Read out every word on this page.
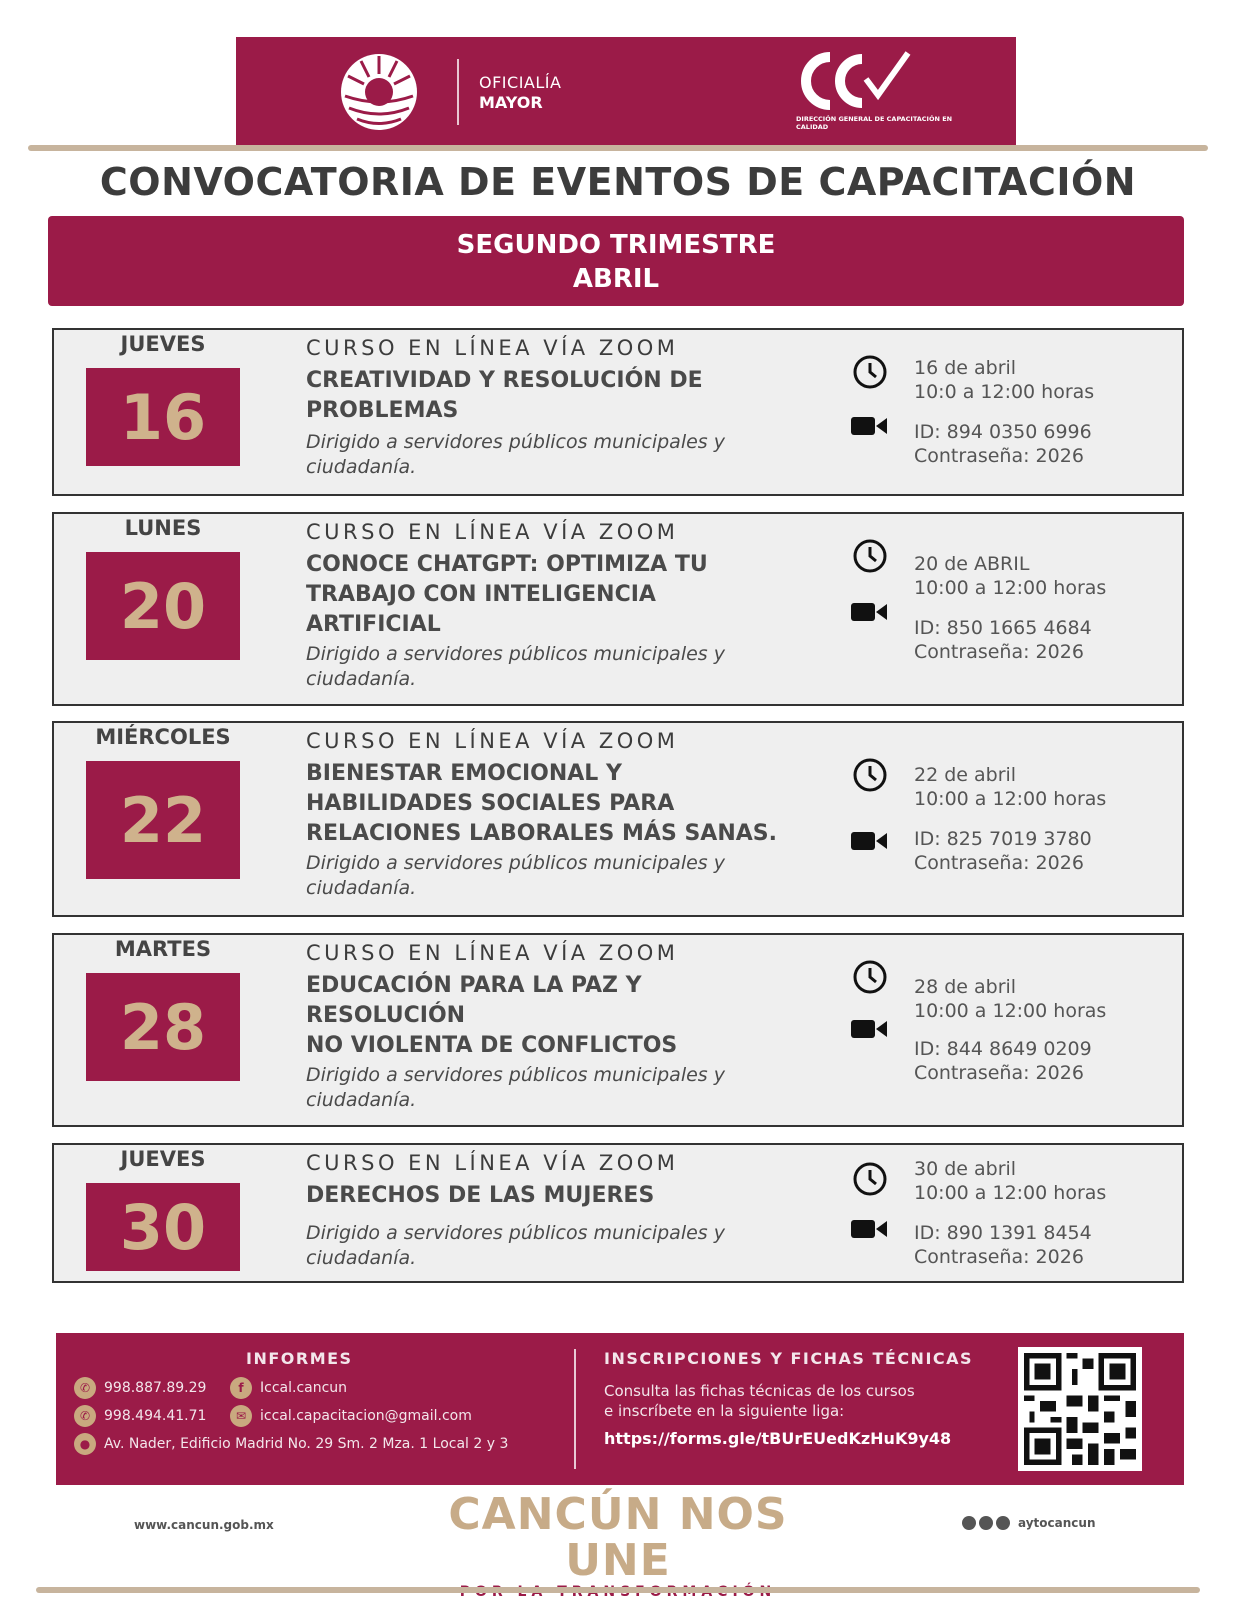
OFICIALÍA
MAYOR
DIRECCIÓN GENERAL DE CAPACITACIÓN EN CALIDAD
CONVOCATORIA DE EVENTOS DE CAPACITACIÓN
SEGUNDO TRIMESTRE
ABRIL
JUEVES
16
CURSO EN LÍNEA VÍA ZOOM
CREATIVIDAD Y RESOLUCIÓN DE
PROBLEMAS
Dirigido a servidores públicos municipales y ciudadanía.
16 de abril
10:0 a 12:00 horas
ID: 894 0350 6996
Contraseña: 2026
LUNES
20
CURSO EN LÍNEA VÍA ZOOM
CONOCE CHATGPT: OPTIMIZA TU
TRABAJO CON INTELIGENCIA
ARTIFICIAL
Dirigido a servidores públicos municipales y ciudadanía.
20 de ABRIL
10:00 a 12:00 horas
ID: 850 1665 4684
Contraseña: 2026
MIÉRCOLES
22
CURSO EN LÍNEA VÍA ZOOM
BIENESTAR EMOCIONAL Y
HABILIDADES SOCIALES PARA
RELACIONES LABORALES MÁS SANAS.
Dirigido a servidores públicos municipales y ciudadanía.
22 de abril
10:00 a 12:00 horas
ID: 825 7019 3780
Contraseña: 2026
MARTES
28
CURSO EN LÍNEA VÍA ZOOM
EDUCACIÓN PARA LA PAZ Y
RESOLUCIÓN
NO VIOLENTA DE CONFLICTOS
Dirigido a servidores públicos municipales y ciudadanía.
28 de abril
10:00 a 12:00 horas
ID: 844 8649 0209
Contraseña: 2026
JUEVES
30
CURSO EN LÍNEA VÍA ZOOM
DERECHOS DE LAS MUJERES
Dirigido a servidores públicos municipales y ciudadanía.
30 de abril
10:00 a 12:00 horas
ID: 890 1391 8454
Contraseña: 2026
INFORMES
✆ 998.887.89.29	f	Iccal.cancun
✆ 998.494.41.71	✉ iccal.capacitacion@gmail.com
● Av. Nader, Edificio Madrid No. 29 Sm. 2 Mza. 1 Local 2 y 3
INSCRIPCIONES Y FICHAS TÉCNICAS
Consulta las fichas técnicas de los cursos
e inscríbete en la siguiente liga:
https://forms.gle/tBUrEUedKzHuK9y48
www.cancun.gob.mx	CANCÚN NOS UNE
aytocancun
